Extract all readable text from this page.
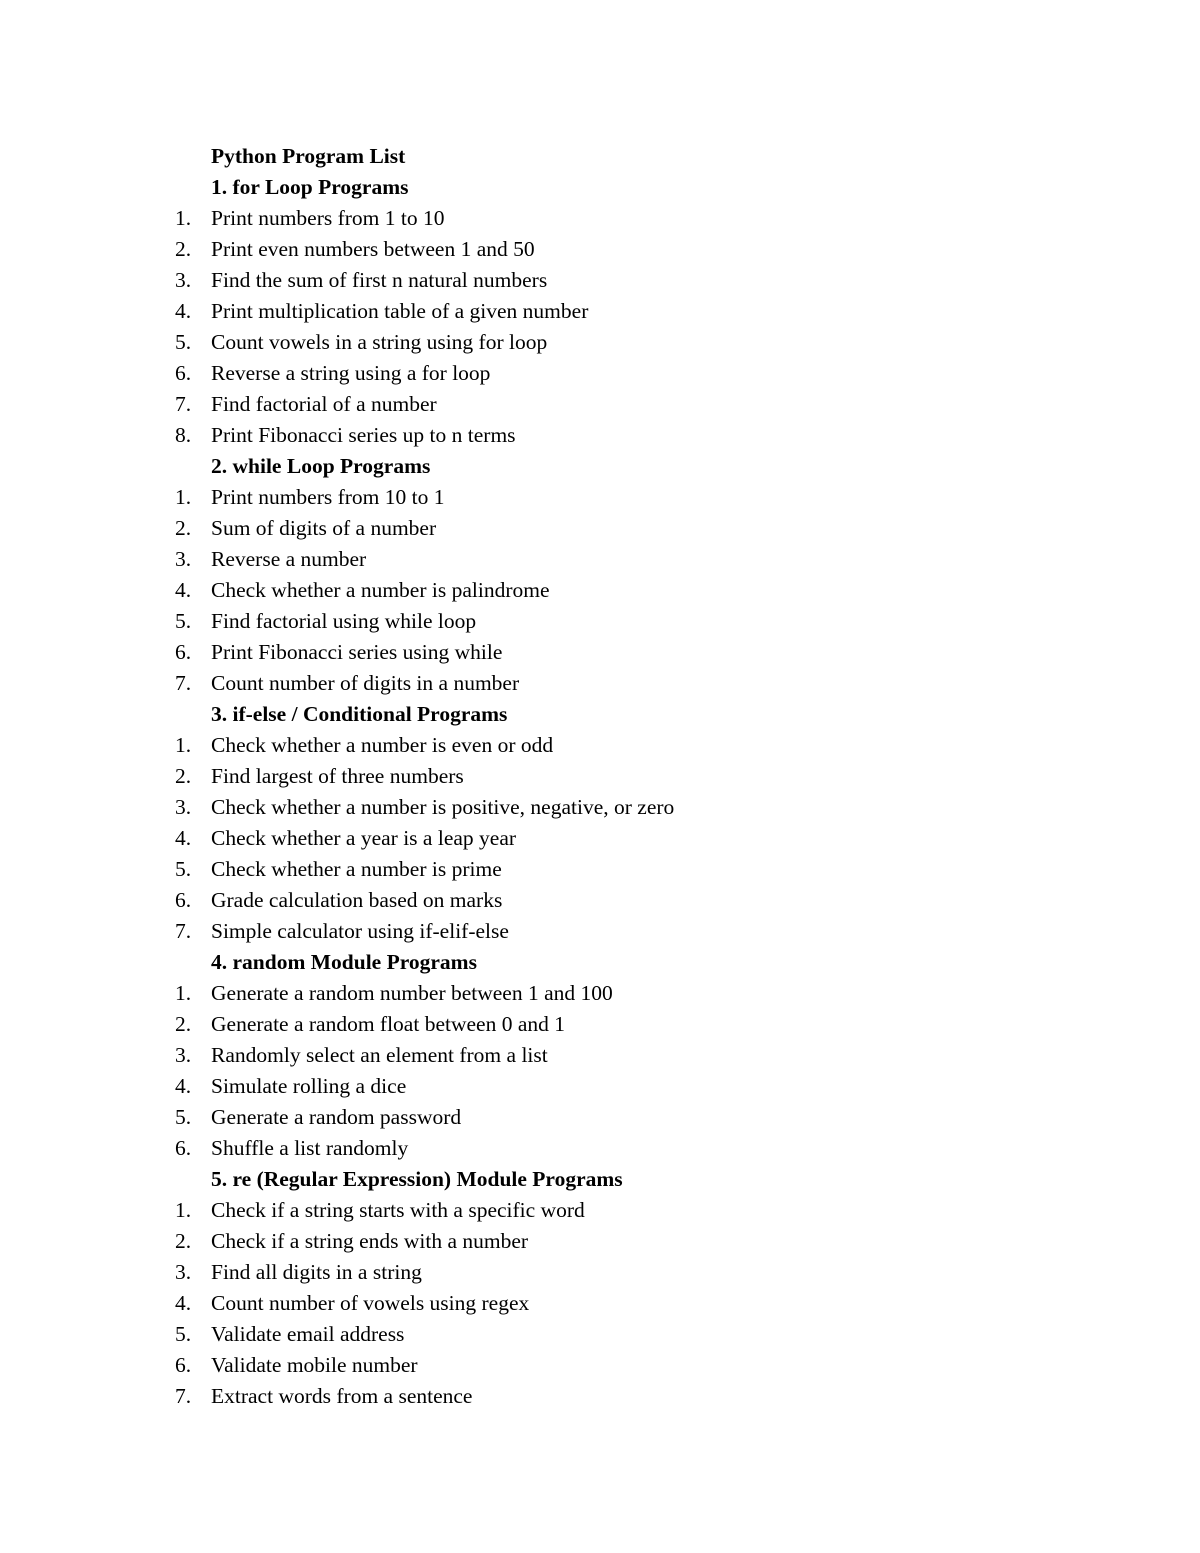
Python Program List
1. for Loop Programs
1. Print numbers from 1 to 10
2. Print even numbers between 1 and 50
3. Find the sum of first n natural numbers
4. Print multiplication table of a given number
5. Count vowels in a string using for loop
6. Reverse a string using a for loop
7. Find factorial of a number
8. Print Fibonacci series up to n terms
2. while Loop Programs
1. Print numbers from 10 to 1
2. Sum of digits of a number
3. Reverse a number
4. Check whether a number is palindrome
5. Find factorial using while loop
6. Print Fibonacci series using while
7. Count number of digits in a number
3. if-else / Conditional Programs
1. Check whether a number is even or odd
2. Find largest of three numbers
3. Check whether a number is positive, negative, or zero
4. Check whether a year is a leap year
5. Check whether a number is prime
6. Grade calculation based on marks
7. Simple calculator using if-elif-else
4. random Module Programs
1. Generate a random number between 1 and 100
2. Generate a random float between 0 and 1
3. Randomly select an element from a list
4. Simulate rolling a dice
5. Generate a random password
6. Shuffle a list randomly
5. re (Regular Expression) Module Programs
1. Check if a string starts with a specific word
2. Check if a string ends with a number
3. Find all digits in a string
4. Count number of vowels using regex
5. Validate email address
6. Validate mobile number
7. Extract words from a sentence
